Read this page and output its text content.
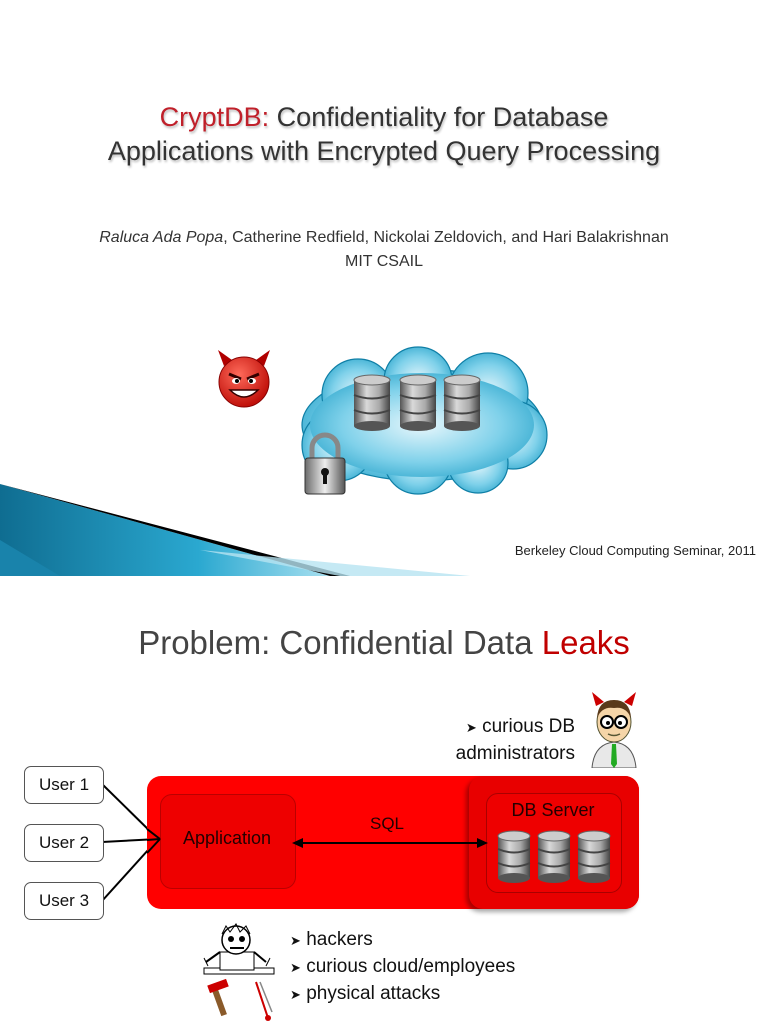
CryptDB: Confidentiality for Database
Applications with Encrypted Query Processing
Raluca Ada Popa, Catherine Redfield, Nickolai Zeldovich, and Hari Balakrishnan
MIT CSAIL
Berkeley Cloud Computing Seminar, 2011
Problem: Confidential Data Leaks
➤ curious DB
administrators
Application
DB Server
SQL
User 1
User 2
User 3
➤ hackers
➤ curious cloud/employees
➤ physical attacks
